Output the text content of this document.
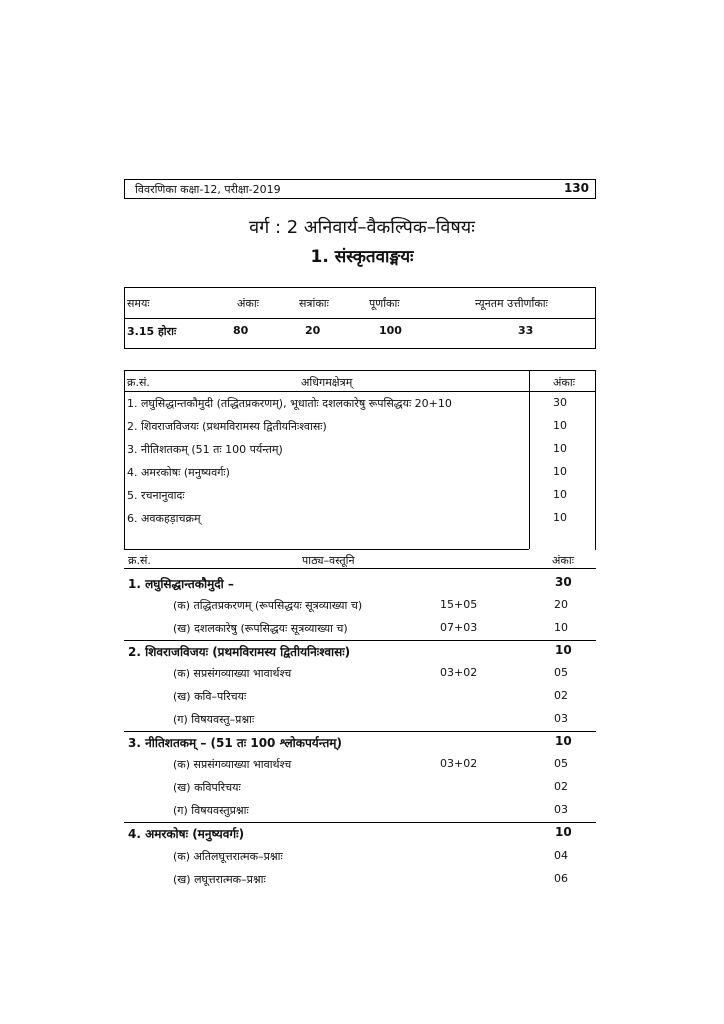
विवरणिका कक्षा-12, परीक्षा-2019	130
वर्ग : 2 अनिवार्य–वैकल्पिक–विषयः
1. संस्कृतवाङ्मयः
समयः	अंकाः	सत्रांकाः	पूर्णांकाः	न्यूनतम उत्तीर्णांकाः
3.15 होराः	80	20	100	33
क्र.सं.	अधिगमक्षेत्रम्	अंकाः
1. लघुसिद्धान्तकौमुदी (तद्धितप्रकरणम्), भूधातोः दशलकारेषु रूपसिद्धयः 20+10	30
2. शिवराजविजयः (प्रथमविरामस्य द्वितीयनिःश्वासः)	10
3. नीतिशतकम् (51 तः 100 पर्यन्तम्)	10
4. अमरकोषः (मनुष्यवर्गः)	10
5. रचनानुवादः	10
6. अवकहड़ाचक्रम्	10
क्र.सं.	पाठ्य–वस्तूनि	अंकाः
1. लघुसिद्धान्तकौमुदी –	30
(क) तद्धितप्रकरणम् (रूपसिद्धयः सूत्रव्याख्या च)	15+05	20
(ख) दशलकारेषु (रूपसिद्धयः सूत्रव्याख्या च)	07+03	10
2. शिवराजविजयः (प्रथमविरामस्य द्वितीयनिःश्वासः)	10
(क) सप्रसंगव्याख्या भावार्थश्च	03+02	05
(ख) कवि–परिचयः	02
(ग) विषयवस्तु–प्रश्नाः	03
3. नीतिशतकम् – (51 तः 100 श्लोकपर्यन्तम्)	10
(क) सप्रसंगव्याख्या भावार्थश्च	03+02	05
(ख) कविपरिचयः	02
(ग) विषयवस्तुप्रश्नाः	03
4. अमरकोषः (मनुष्यवर्गः)	10
(क) अतिलघूत्तरात्मक–प्रश्नाः	04
(ख) लघूत्तरात्मक–प्रश्नाः	06
